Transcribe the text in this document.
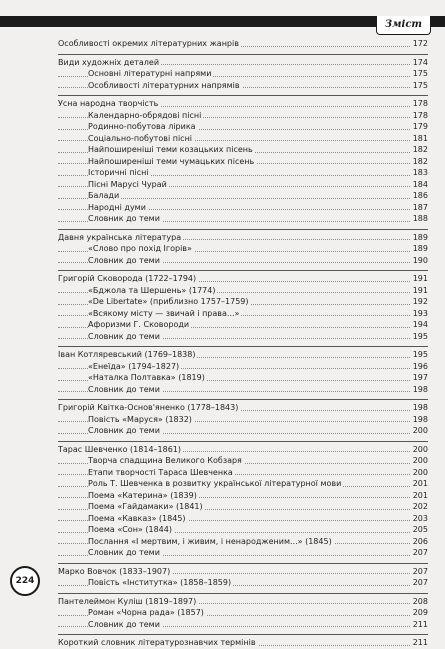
Зміст
Особливості окремих літературних жанрів	172
Види художніх деталей	174
Основні літературні напрями	175
Особливості літературних напрямів	175
Усна народна творчість	178
Календарно-обрядові пісні	178
Родинно-побутова лірика	179
Соціально-побутові пісні	181
Найпоширеніші теми козацьких пісень	182
Найпоширеніші теми чумацьких пісень	182
Історичні пісні	183
Пісні Марусі Чурай	184
Балади	186
Народні думи	187
Словник до теми	188
Давня українська література	189
«Слово про похід Ігорів»	189
Словник до теми	190
Григорій Сковорода (1722–1794)	191
«Бджола та Шершень» (1774)	191
«De Libertate» (приблизно 1757–1759)	192
«Всякому місту — звичай і права...»	193
Афоризми Г. Сковороди	194
Словник до теми	195
Іван Котляревський (1769–1838)	195
«Енеїда» (1794–1827)	196
«Наталка Полтавка» (1819)	197
Словник до теми	198
Григорій Квітка-Основ'яненко (1778–1843)	198
Повість «Маруся» (1832)	198
Словник до теми	200
Тарас Шевченко (1814–1861)	200
Творча спадщина Великого Кобзаря	200
Етапи творчості Тараса Шевченка	200
Роль Т. Шевченка в розвитку української літературної мови	201
Поема «Катерина» (1839)	201
Поема «Гайдамаки» (1841)	202
Поема «Кавказ» (1845)	203
Поема «Сон» (1844)	205
Послання «І мертвим, і живим, і ненародженим...» (1845)	206
Словник до теми	207
Марко Вовчок (1833–1907)	207
Повість «Інститутка» (1858–1859)	207
Пантелеймон Куліш (1819–1897)	208
Роман «Чорна рада» (1857)	209
Словник до теми	211
Короткий словник літературознавчих термінів	211
224
